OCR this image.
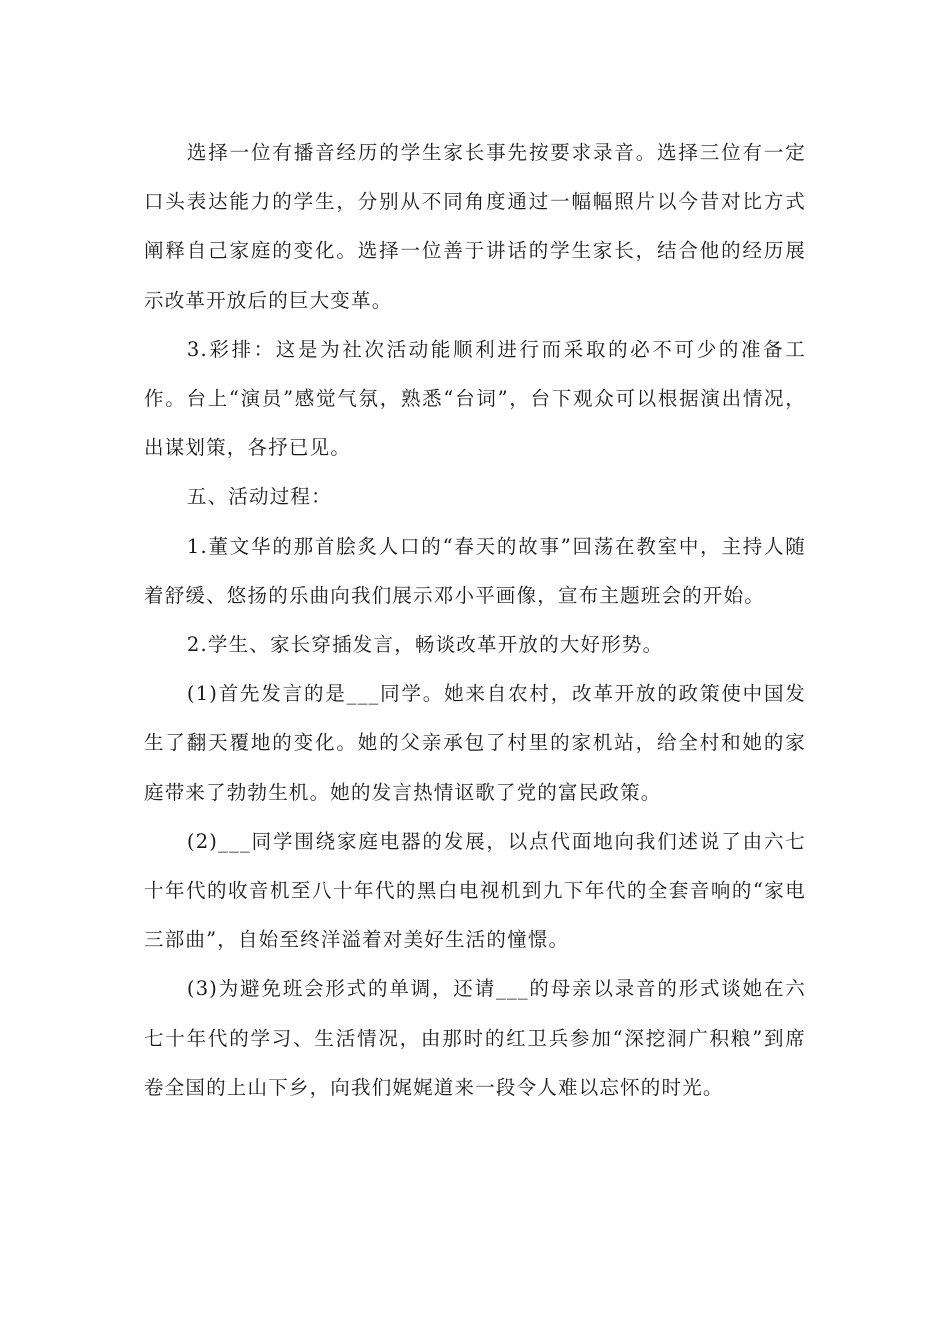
选择一位有播音经历的学生家长事先按要求录音。选择三位有一定口头表达能力的学生，分别从不同角度通过一幅幅照片以今昔对比方式阐释自己家庭的变化。选择一位善于讲话的学生家长，结合他的经历展示改革开放后的巨大变革。

3.彩排：这是为社次活动能顺利进行而采取的必不可少的准备工作。台上“演员”感觉气氛，熟悉“台词”，台下观众可以根据演出情况，出谋划策，各抒已见。

五、活动过程：

1.董文华的那首脍炙人口的“春天的故事”回荡在教室中，主持人随着舒缓、悠扬的乐曲向我们展示邓小平画像，宣布主题班会的开始。

2.学生、家长穿插发言，畅谈改革开放的大好形势。

(1)首先发言的是___同学。她来自农村，改革开放的政策使中国发生了翻天覆地的变化。她的父亲承包了村里的家机站，给全村和她的家庭带来了勃勃生机。她的发言热情讴歌了党的富民政策。

(2)___同学围绕家庭电器的发展，以点代面地向我们述说了由六七十年代的收音机至八十年代的黑白电视机到九下年代的全套音响的“家电三部曲”，自始至终洋溢着对美好生活的憧憬。

(3)为避免班会形式的单调，还请___的母亲以录音的形式谈她在六七十年代的学习、生活情况，由那时的红卫兵参加“深挖洞广积粮”到席卷全国的上山下乡，向我们娓娓道来一段令人难以忘怀的时光。
